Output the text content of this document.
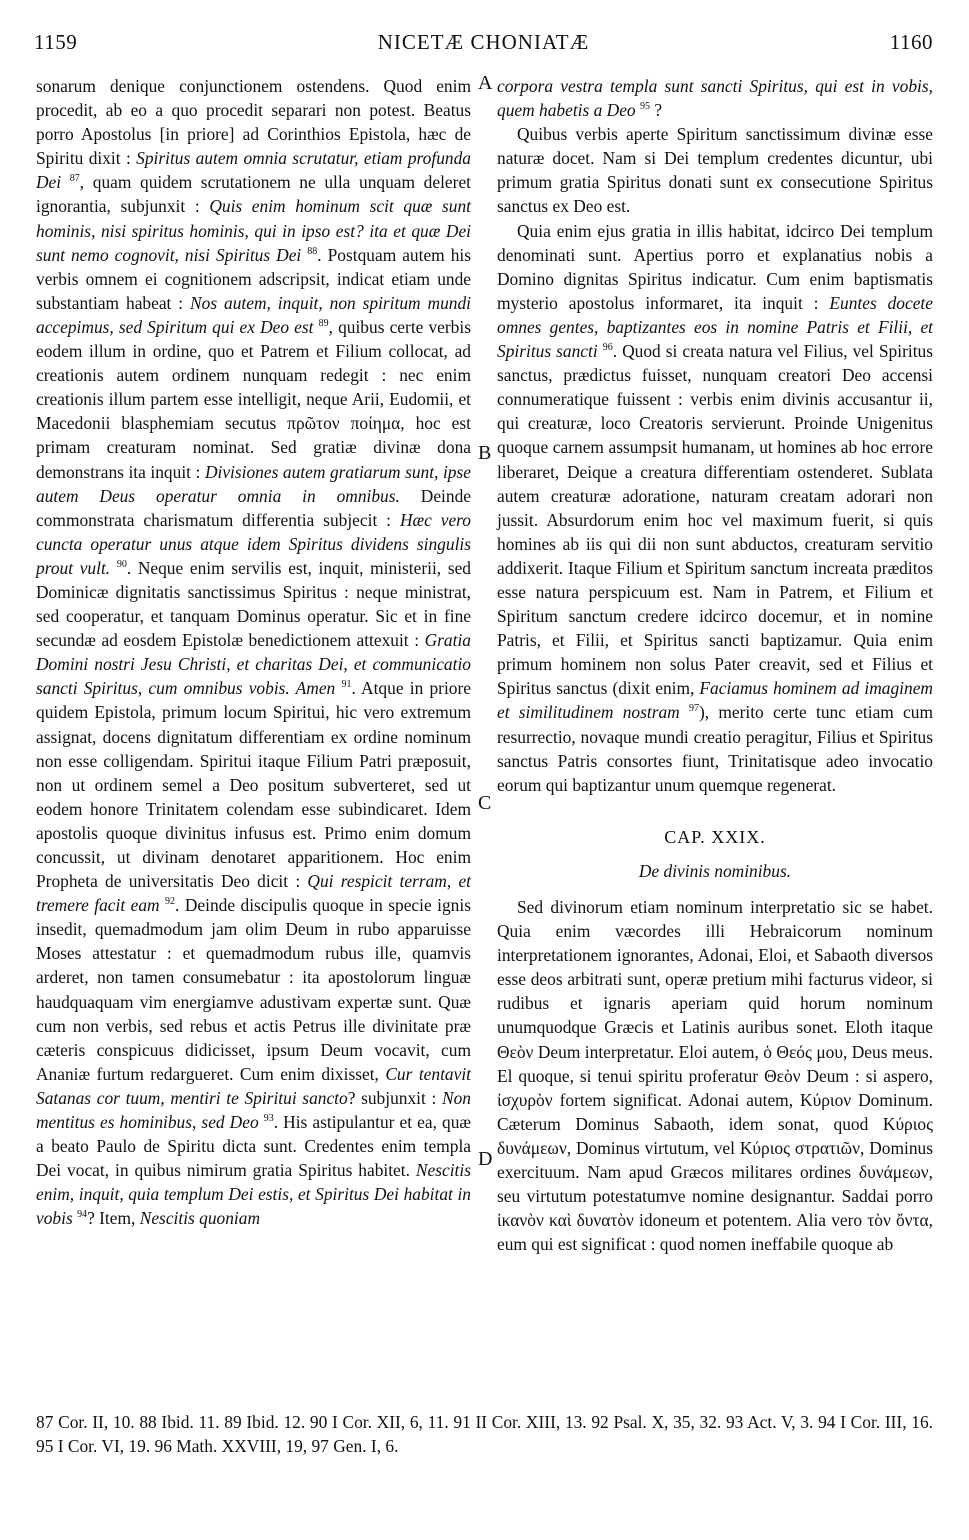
1159	NICETÆ CHONIATÆ	1160
A
B
C
D

sonarum denique conjunctionem ostendens. Quod enim procedit, ab eo a quo procedit separari non potest. Beatus porro Apostolus [in priore] ad Corinthios Epistola, hæc de Spiritu dixit : Spiritus autem omnia scrutatur, etiam profunda Dei $^{87}$, quam quidem scrutationem ne ulla unquam deleret ignorantia, subjunxit : Quis enim hominum scit quæ sunt hominis, nisi spiritus hominis, qui in ipso est? ita et quæ Dei sunt nemo cognovit, nisi Spiritus Dei $^{88}$. Postquam autem his verbis omnem ei cognitionem adscripsit, indicat etiam unde substantiam habeat : Nos autem, inquit, non spiritum mundi accepimus, sed Spiritum qui ex Deo est $^{89}$, quibus certe verbis eodem illum in ordine, quo et Patrem et Filium collocat, ad creationis autem ordinem nunquam redegit : nec enim creationis illum partem esse intelligit, neque Arii, Eudomii, et Macedonii blasphemiam secutus πρῶτον ποίημα, hoc est primam creaturam nominat. Sed gratiæ divinæ dona demonstrans ita inquit : Divisiones autem gratiarum sunt, ipse autem Deus operatur omnia in omnibus. Deinde commonstrata charismatum differentia subjecit : Hæc vero cuncta operatur unus atque idem Spiritus dividens singulis prout vult. $^{90}$. Neque enim servilis est, inquit, ministerii, sed Dominicæ dignitatis sanctissimus Spiritus : neque ministrat, sed cooperatur, et tanquam Dominus operatur. Sic et in fine secundæ ad eosdem Epistolæ benedictionem attexuit : Gratia Domini nostri Jesu Christi, et charitas Dei, et communicatio sancti Spiritus, cum omnibus vobis. Amen $^{91}$. Atque in priore quidem Epistola, primum locum Spiritui, hic vero extremum assignat, docens dignitatum differentiam ex ordine nominum non esse colligendam. Spiritui itaque Filium Patri præposuit, non ut ordinem semel a Deo positum subverteret, sed ut eodem honore Trinitatem colendam esse subindicaret. Idem apostolis quoque divinitus infusus est. Primo enim domum concussit, ut divinam denotaret apparitionem. Hoc enim Propheta de universitatis Deo dicit : Qui respicit terram, et tremere facit eam $^{92}$. Deinde discipulis quoque in specie ignis insedit, quemadmodum jam olim Deum in rubo apparuisse Moses attestatur : et quemadmodum rubus ille, quamvis arderet, non tamen consumebatur : ita apostolorum linguæ haudquaquam vim energiamve adustivam expertæ sunt. Quæ cum non verbis, sed rebus et actis Petrus ille divinitate præ cæteris conspicuus didicisset, ipsum Deum vocavit, cum Ananiæ furtum redargueret. Cum enim dixisset, Cur tentavit Satanas cor tuum, mentiri te Spiritui sancto? subjunxit : Non mentitus es hominibus, sed Deo $^{93}$. His astipulantur et ea, quæ a beato Paulo de Spiritu dicta sunt. Credentes enim templa Dei vocat, in quibus nimirum gratia Spiritus habitet. Nescitis enim, inquit, quia templum Dei estis, et Spiritus Dei habitat in vobis $^{94}$? Item, Nescitis quoniam

corpora vestra templa sunt sancti Spiritus, qui est in vobis, quem habetis a Deo $^{95}$ ?

Quibus verbis aperte Spiritum sanctissimum divinæ esse naturæ docet. Nam si Dei templum credentes dicuntur, ubi primum gratia Spiritus donati sunt ex consecutione Spiritus sanctus ex Deo est.

Quia enim ejus gratia in illis habitat, idcirco Dei templum denominati sunt. Apertius porro et explanatius nobis a Domino dignitas Spiritus indicatur. Cum enim baptismatis mysterio apostolus informaret, ita inquit : Euntes docete omnes gentes, baptizantes eos in nomine Patris et Filii, et Spiritus sancti $^{96}$. Quod si creata natura vel Filius, vel Spiritus sanctus, prædictus fuisset, nunquam creatori Deo accensi connumeratique fuissent : verbis enim divinis accusantur ii, qui creaturæ, loco Creatoris servierunt. Proinde Unigenitus quoque carnem assumpsit humanam, ut homines ab hoc errore liberaret, Deique a creatura differentiam ostenderet. Sublata autem creaturæ adoratione, naturam creatam adorari non jussit. Absurdorum enim hoc vel maximum fuerit, si quis homines ab iis qui dii non sunt abductos, creaturam servitio addixerit. Itaque Filium et Spiritum sanctum increata præditos esse natura perspicuum est. Nam in Patrem, et Filium et Spiritum sanctum credere idcirco docemur, et in nomine Patris, et Filii, et Spiritus sancti baptizamur. Quia enim primum hominem non solus Pater creavit, sed et Filius et Spiritus sanctus (dixit enim, Faciamus hominem ad imaginem et similitudinem nostram $^{97}$), merito certe tunc etiam cum resurrectio, novaque mundi creatio peragitur, Filius et Spiritus sanctus Patris consortes fiunt, Trinitatisque adeo invocatio eorum qui baptizantur unum quemque regenerat.

CAP. XXIX.

De divinis nominibus.

Sed divinorum etiam nominum interpretatio sic se habet. Quia enim væcordes illi Hebraicorum nominum interpretationem ignorantes, Adonai, Eloi, et Sabaoth diversos esse deos arbitrati sunt, operæ pretium mihi facturus videor, si rudibus et ignaris aperiam quid horum nominum unumquodque Græcis et Latinis auribus sonet. Eloth itaque Θεὸν Deum interpretatur. Eloi autem, ὁ Θεός μου, Deus meus. El quoque, si tenui spiritu proferatur Θεὸν Deum : si aspero, ἰσχυρὸν fortem significat. Adonai autem, Κύριον Dominum. Cæterum Dominus Sabaoth, idem sonat, quod Κύριος δυνάμεων, Dominus virtutum, vel Κύριος στρατιῶν, Dominus exercituum. Nam apud Græcos militares ordines δυνάμεων, seu virtutum potestatumve nomine designantur. Saddai porro ἱκανὸν καὶ δυνατὸν idoneum et potentem. Alia vero τὸν ὄντα, eum qui est significat : quod nomen ineffabile quoque ab

87 Cor. II, 10. 88 Ibid. 11. 89 Ibid. 12. 90 I Cor. XII, 6, 11. 91 II Cor. XIII, 13. 92 Psal. X, 35, 32. 93 Act. V, 3. 94 I Cor. III, 16. 95 I Cor. VI, 19. 96 Math. XXVIII, 19, 97 Gen. I, 6.
